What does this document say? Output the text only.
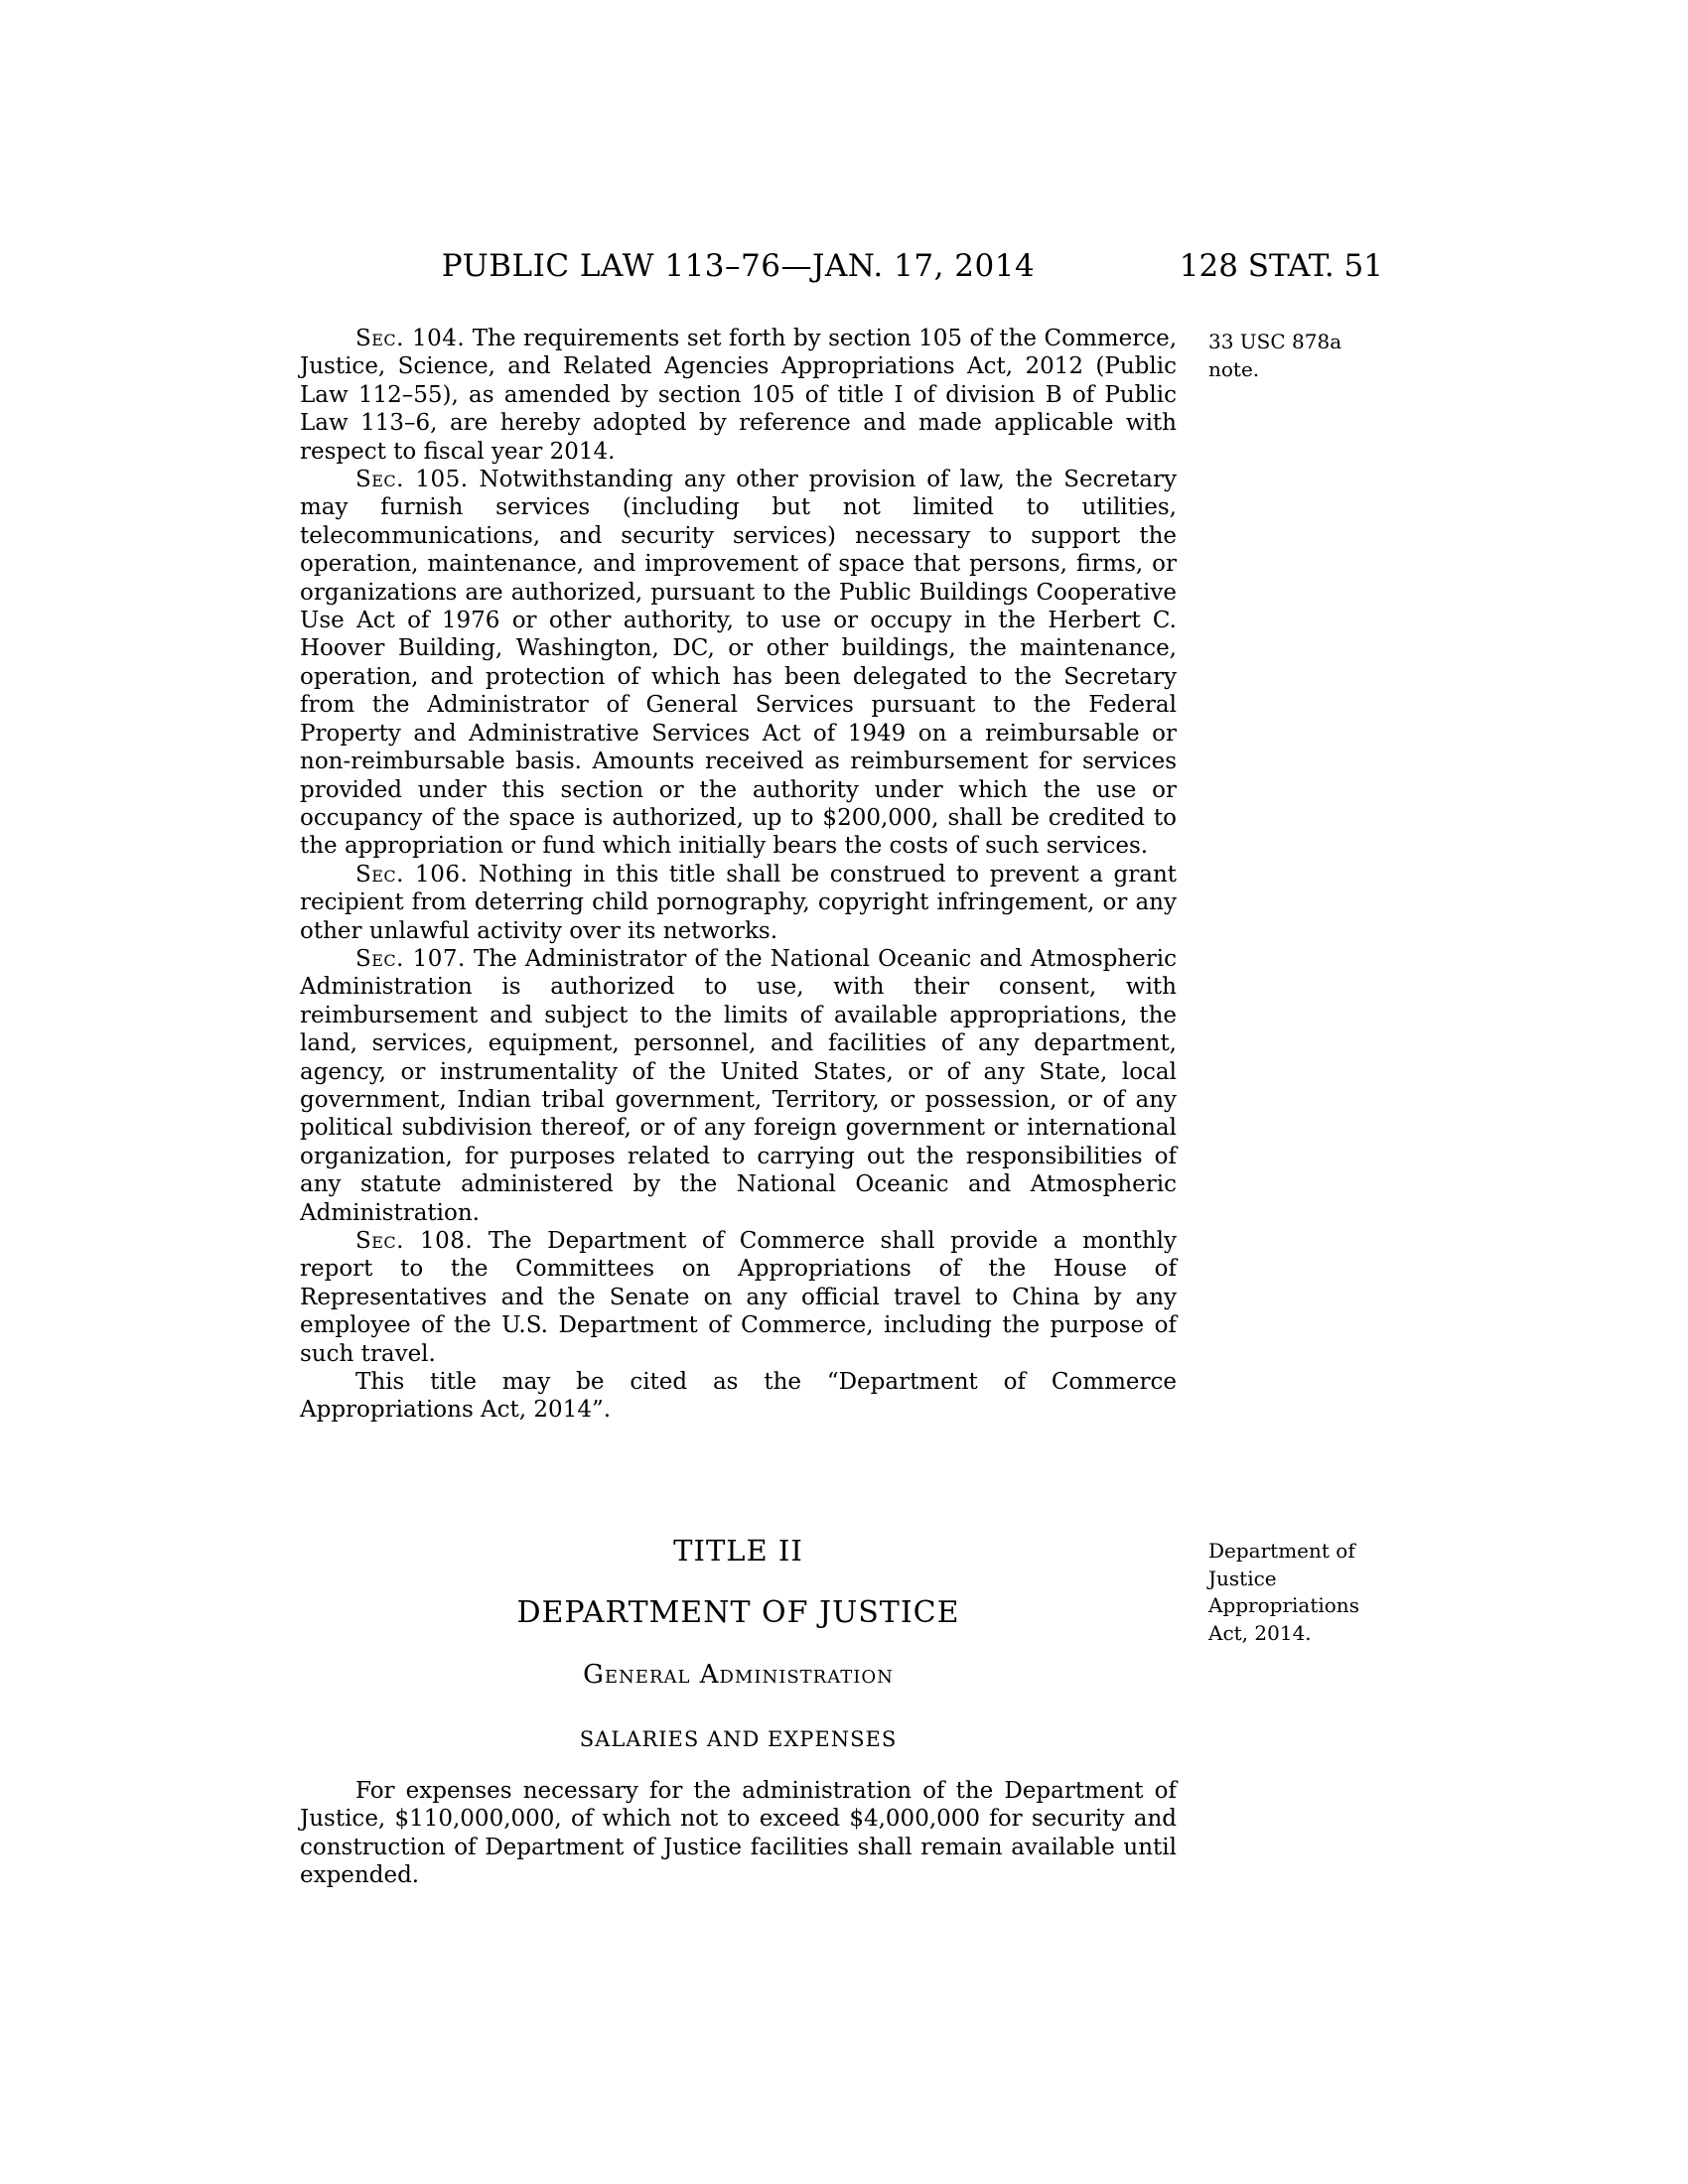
PUBLIC LAW 113–76—JAN. 17, 2014	128 STAT. 51

Sec. 104. The requirements set forth by section 105 of the Commerce, Justice, Science, and Related Agencies Appropriations Act, 2012 (Public Law 112–55), as amended by section 105 of title I of division B of Public Law 113–6, are hereby adopted by reference and made applicable with respect to fiscal year 2014.

Sec. 105. Notwithstanding any other provision of law, the Secretary may furnish services (including but not limited to utilities, telecommunications, and security services) necessary to support the operation, maintenance, and improvement of space that persons, firms, or organizations are authorized, pursuant to the Public Buildings Cooperative Use Act of 1976 or other authority, to use or occupy in the Herbert C. Hoover Building, Washington, DC, or other buildings, the maintenance, operation, and protection of which has been delegated to the Secretary from the Administrator of General Services pursuant to the Federal Property and Administrative Services Act of 1949 on a reimbursable or non-reimbursable basis. Amounts received as reimbursement for services provided under this section or the authority under which the use or occupancy of the space is authorized, up to $200,000, shall be credited to the appropriation or fund which initially bears the costs of such services.

Sec. 106. Nothing in this title shall be construed to prevent a grant recipient from deterring child pornography, copyright infringement, or any other unlawful activity over its networks.

Sec. 107. The Administrator of the National Oceanic and Atmospheric Administration is authorized to use, with their consent, with reimbursement and subject to the limits of available appropriations, the land, services, equipment, personnel, and facilities of any department, agency, or instrumentality of the United States, or of any State, local government, Indian tribal government, Territory, or possession, or of any political subdivision thereof, or of any foreign government or international organization, for purposes related to carrying out the responsibilities of any statute administered by the National Oceanic and Atmospheric Administration.

Sec. 108. The Department of Commerce shall provide a monthly report to the Committees on Appropriations of the House of Representatives and the Senate on any official travel to China by any employee of the U.S. Department of Commerce, including the purpose of such travel.

This title may be cited as the “Department of Commerce Appropriations Act, 2014”.

33 USC 878a note.
TITLE II
DEPARTMENT OF JUSTICE
General Administration
SALARIES AND EXPENSES

For expenses necessary for the administration of the Department of Justice, $110,000,000, of which not to exceed $4,000,000 for security and construction of Department of Justice facilities shall remain available until expended.

Department of Justice Appropriations Act, 2014.
